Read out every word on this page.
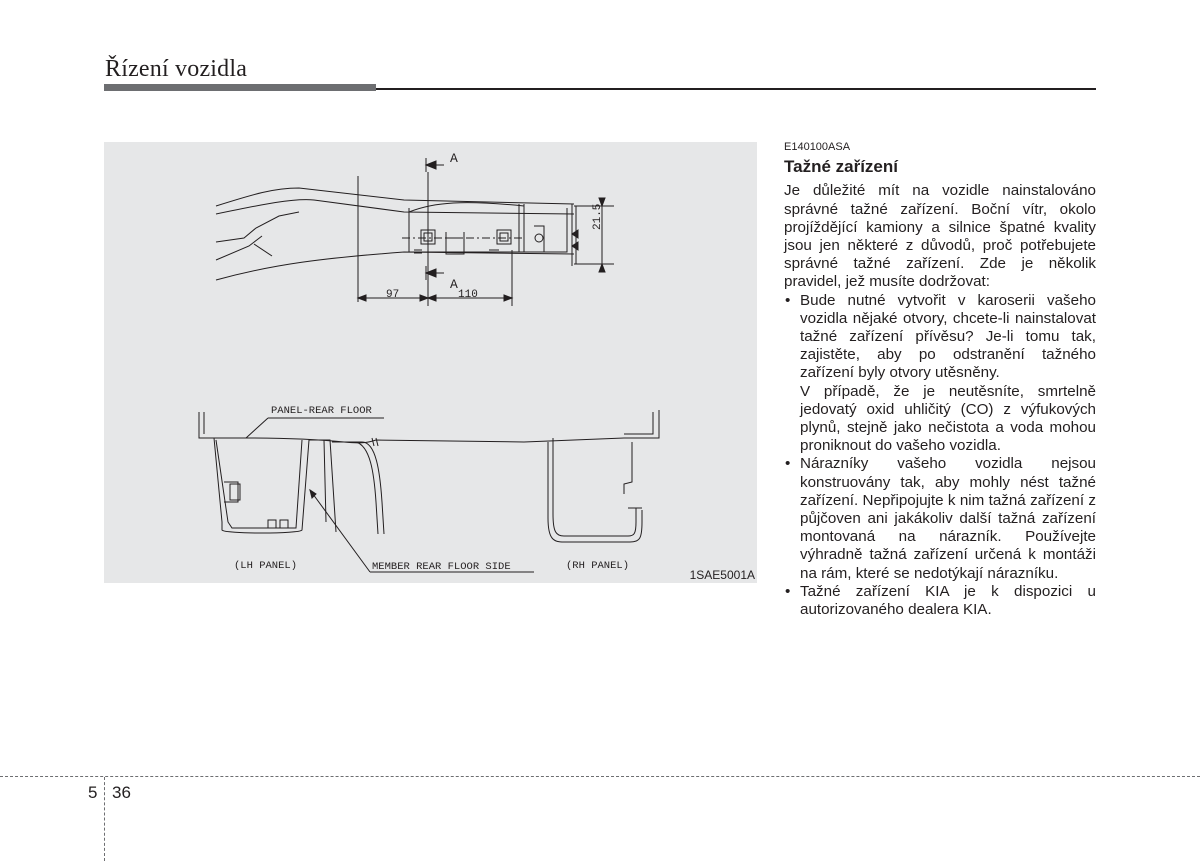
Řízení vozidla
A
A
97	110
21.5
PANEL-REAR FLOOR
MEMBER REAR FLOOR SIDE
(LH PANEL)	(RH PANEL)
1SAE5001A

E140100ASA

Tažné zařízení

Je důležité mít na vozidle nainstalováno správné tažné zařízení. Boční vítr, okolo projíždějící kamiony a silnice špatné kvality jsou jen některé z důvodů, proč potřebujete správné tažné zařízení. Zde je několik pravidel, jež musíte dodržovat:

• Bude nutné vytvořit v karoserii vašeho vozidla nějaké otvory, chcete-li nainstalovat tažné zařízení přívěsu? Je-li tomu tak, zajistěte, aby po odstranění tažného zařízení byly otvory utěsněny.

V případě, že je neutěsníte, smrtelně jedovatý oxid uhličitý (CO) z výfukových plynů, stejně jako nečistota a voda mohou proniknout do vašeho vozidla.

• Nárazníky vašeho vozidla nejsou konstruovány tak, aby mohly nést tažné zařízení. Nepřipojujte k nim tažná zařízení z půjčoven ani jakákoliv další tažná zařízení montovaná na nárazník. Používejte výhradně tažná zařízení určená k montáži na rám, které se nedotýkají nárazníku.

• Tažné zařízení KIA je k dispozici u autorizovaného dealera KIA.

5 36
